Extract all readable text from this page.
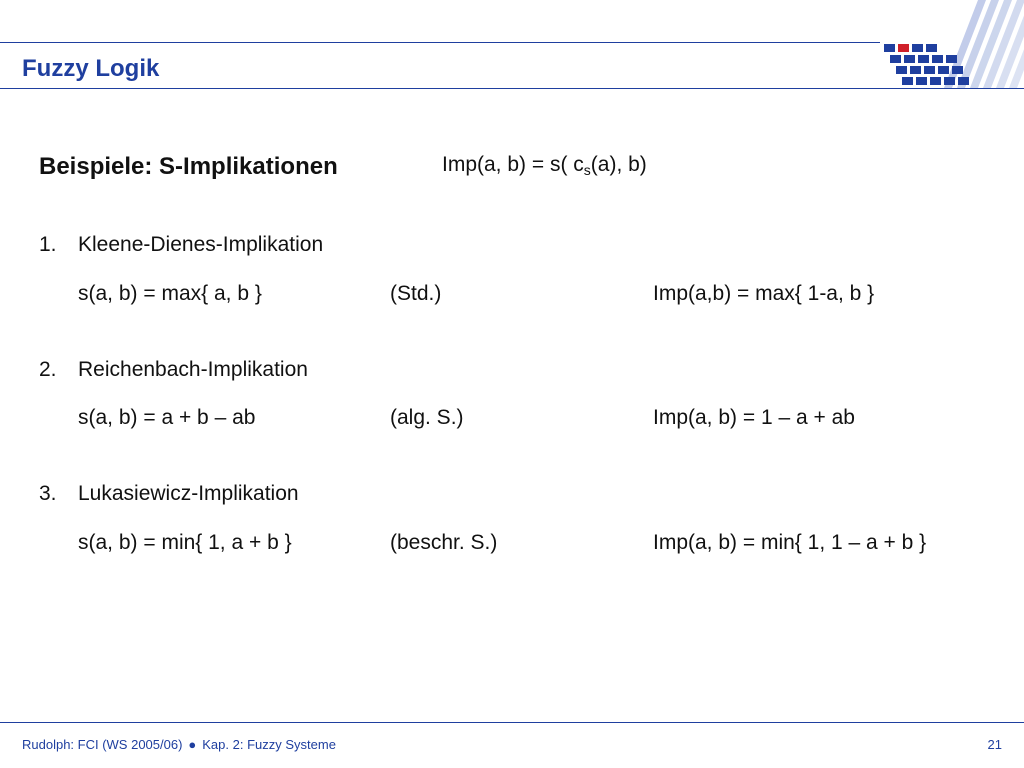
Fuzzy Logik
Beispiele: S-Implikationen	Imp(a, b) = s( $c_s(a)$, b)
1. Kleene-Dienes-Implikation
s(a, b) = max{ a, b }	(Std.)	Imp(a,b) = max{ 1-a, b }
2. Reichenbach-Implikation
s(a, b) = a + b – ab	(alg. S.)	Imp(a, b) = 1 – a + ab
3. Lukasiewicz-Implikation
s(a, b) = min{ 1, a + b }	(beschr. S.)	Imp(a, b) = min{ 1, 1 – a + b }
Rudolph: FCI (WS 2005/06) ● Kap. 2: Fuzzy Systeme	21
